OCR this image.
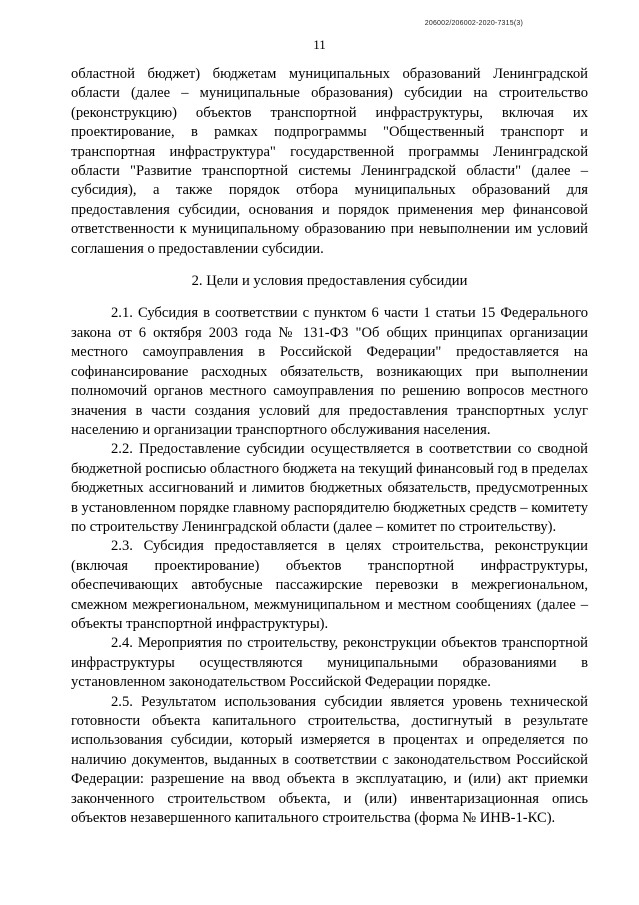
206002/206002-2020-7315(3)
11

областной бюджет) бюджетам муниципальных образований Ленинградской области (далее – муниципальные образования) субсидии на строительство (реконструкцию) объектов транспортной инфраструктуры, включая их проектирование, в рамках подпрограммы "Общественный транспорт и транспортная инфраструктура" государственной программы Ленинградской области "Развитие транспортной системы Ленинградской области" (далее – субсидия), а также порядок отбора муниципальных образований для предоставления субсидии, основания и порядок применения мер финансовой ответственности к муниципальному образованию при невыполнении им условий соглашения о предоставлении субсидии.

2. Цели и условия предоставления субсидии

2.1. Субсидия в соответствии с пунктом 6 части 1 статьи 15 Федерального закона от 6 октября 2003 года № 131-ФЗ "Об общих принципах организации местного самоуправления в Российской Федерации" предоставляется на софинансирование расходных обязательств, возникающих при выполнении полномочий органов местного самоуправления по решению вопросов местного значения в части создания условий для предоставления транспортных услуг населению и организации транспортного обслуживания населения.

2.2. Предоставление субсидии осуществляется в соответствии со сводной бюджетной росписью областного бюджета на текущий финансовый год в пределах бюджетных ассигнований и лимитов бюджетных обязательств, предусмотренных в установленном порядке главному распорядителю бюджетных средств – комитету по строительству Ленинградской области (далее – комитет по строительству).

2.3. Субсидия предоставляется в целях строительства, реконструкции (включая проектирование) объектов транспортной инфраструктуры, обеспечивающих автобусные пассажирские перевозки в межрегиональном, смежном межрегиональном, межмуниципальном и местном сообщениях (далее – объекты транспортной инфраструктуры).

2.4. Мероприятия по строительству, реконструкции объектов транспортной инфраструктуры осуществляются муниципальными образованиями в установленном законодательством Российской Федерации порядке.

2.5. Результатом использования субсидии является уровень технической готовности объекта капитального строительства, достигнутый в результате использования субсидии, который измеряется в процентах и определяется по наличию документов, выданных в соответствии с законодательством Российской Федерации: разрешение на ввод объекта в эксплуатацию, и (или) акт приемки законченного строительством объекта, и (или) инвентаризационная опись объектов незавершенного капитального строительства (форма № ИНВ-1-КС).
